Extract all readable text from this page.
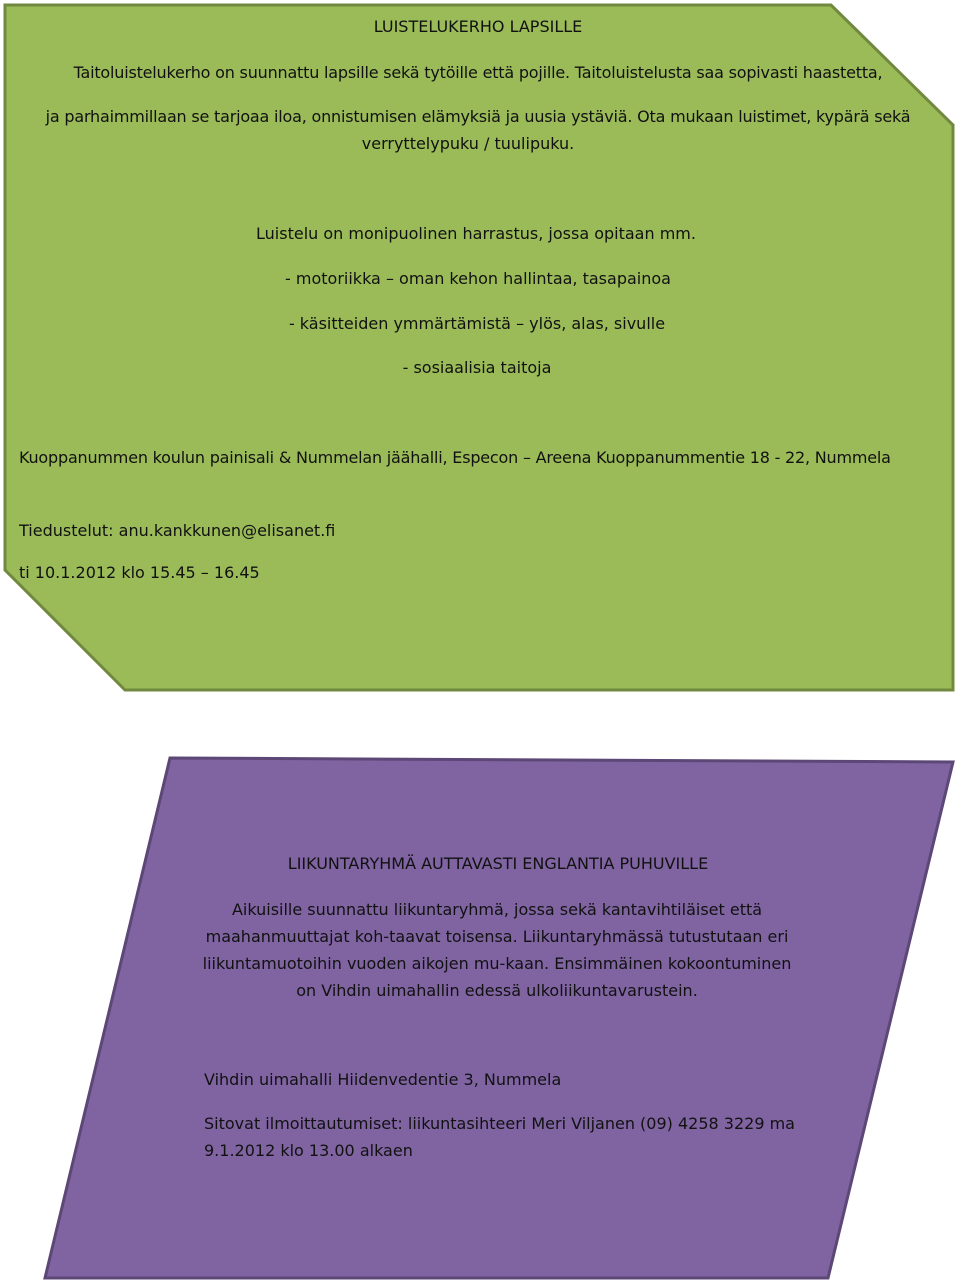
LUISTELUKERHO LAPSILLE

Taitoluistelukerho on suunnattu lapsille sekä tytöille että pojille. Taitoluistelusta saa sopivasti haastetta,

ja parhaimmillaan se tarjoaa iloa, onnistumisen elämyksiä ja uusia ystäviä. Ota mukaan luistimet, kypärä sekä

verryttelypuku / tuulipuku.

Luistelu on monipuolinen harrastus, jossa opitaan mm.

- motoriikka – oman kehon hallintaa, tasapainoa

- käsitteiden ymmärtämistä – ylös, alas, sivulle

- sosiaalisia taitoja

Kuoppanummen koulun painisali & Nummelan jäähalli, Especon – Areena Kuoppanummentie 18 - 22, Nummela

Tiedustelut: anu.kankkunen@elisanet.fi

ti 10.1.2012 klo 15.45 – 16.45

LIIKUNTARYHMÄ AUTTAVASTI ENGLANTIA PUHUVILLE

Aikuisille suunnattu liikuntaryhmä, jossa sekä kantavihtiläiset että

maahanmuuttajat koh-taavat toisensa. Liikuntaryhmässä tutustutaan eri

liikuntamuotoihin vuoden aikojen mu-kaan. Ensimmäinen kokoontuminen

on Vihdin uimahallin edessä ulkoliikuntavarustein.

Vihdin uimahalli Hiidenvedentie 3, Nummela

Sitovat ilmoittautumiset: liikuntasihteeri Meri Viljanen (09) 4258 3229 ma

9.1.2012 klo 13.00 alkaen
